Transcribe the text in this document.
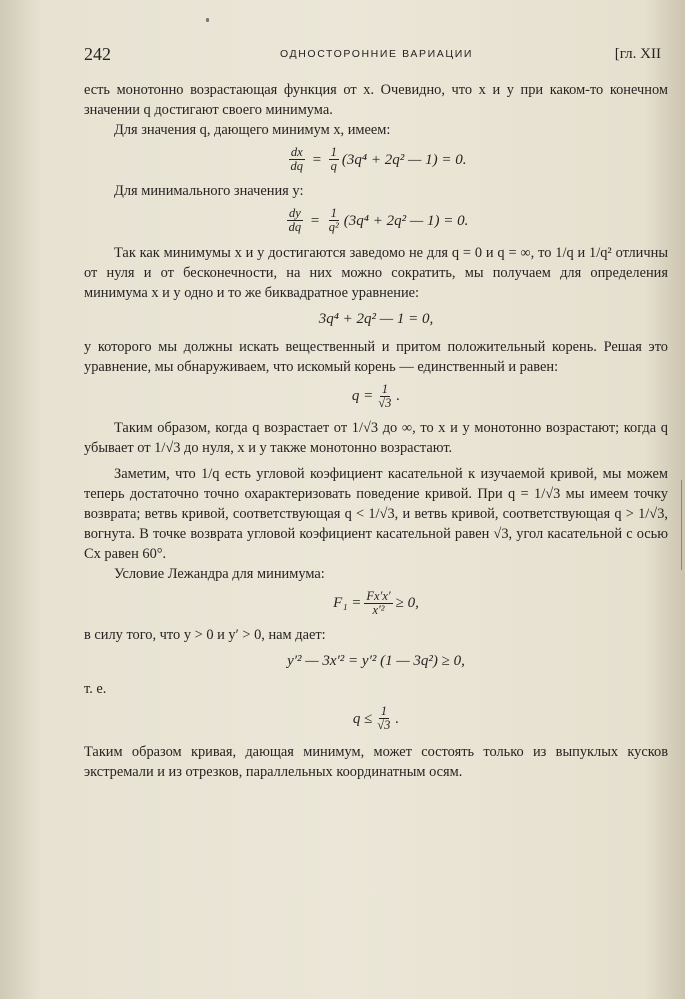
242	ОДНОСТОРОННИЕ ВАРИАЦИИ	[гл. XII

есть монотонно возрастающая функция от x. Очевидно, что x и y при каком-то конечном значении q достигают своего минимума.

Для значения q, дающего минимум x, имеем:

$\frac{dx}{dq} = \frac{1}{q} (3q^4 + 2q^2$ — 1) = 0.

Для минимального значения y:

$\frac{dy}{dq} = \frac{1}{\text{q²}} (3q^4 + 2q^2$ — 1) = 0.

Так как минимумы x и y достигаются заведомо не для q = 0 и q = ∞, то 1/q и 1/q² отличны от нуля и от бесконечности, на них можно сократить, мы получаем для определения минимума x и y одно и то же биквадратное уравнение:

3q⁴ + 2q² — 1 = 0,

у которого мы должны искать вещественный и притом положительный корень. Решая это уравнение, мы обнаруживаем, что искомый корень — единственный и равен:

$q = \frac{1}{√3}$ .

Таким образом, когда q возрастает от 1/√3 до ∞, то x и y монотонно возрастают; когда q убывает от 1/√3 до нуля, x и y также монотонно возрастают.

Заметим, что 1/q есть угловой коэфициент касательной к изучаемой кривой, мы можем теперь достаточно точно охарактеризовать поведение кривой. При q = 1/√3 мы имеем точку возврата; ветвь кривой, соответствующая q < 1/√3, и ветвь кривой, соответствующая q > 1/√3, вогнута. В точке возврата угловой коэфициент касательной равен √3, угол касательной с осью Cx равен 60°.

Условие Лежандра для минимума:

$F_1 = \frac{Fx'x'}{\text{x′²}} \ge 0$,

в силу того, что y > 0 и y′ > 0, нам дает:

y′² — 3x′² = y′² (1 — 3q²) ≥ 0,

т. е.

$q \le \frac{1}{√3}$ .

Таким образом кривая, дающая минимум, может состоять только из выпуклых кусков экстремали и из отрезков, параллельных координатным осям.
